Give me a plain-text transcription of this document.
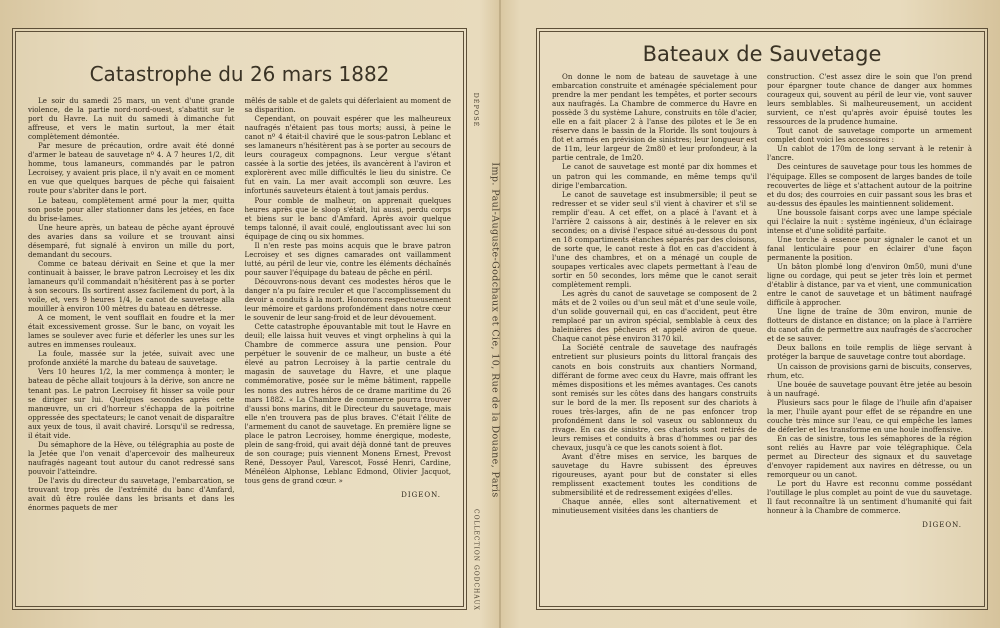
Catastrophe du 26 mars 1882

Le soir du samedi 25 mars, un vent d'une grande violence, de la partie nord-nord-ouest, s'abattit sur le port du Havre. La nuit du samedi à dimanche fut affreuse, et vers le matin surtout, la mer était complètement démontée.

Par mesure de précaution, ordre avait été donné d'armer le bateau de sauvetage nº 4. A 7 heures 1/2, dit homme, tous lamaneurs, commandés par le patron Lecroisey, y avaient pris place, il n'y avait en ce moment en vue que quelques barques de pêche qui faisaient route pour s'abriter dans le port.

Le bateau, complètement armé pour la mer, quitta son poste pour aller stationner dans les jetées, en face du brise-lames.

Une heure après, un bateau de pêche ayant éprouvé des avaries dans sa voilure et se trouvant ainsi désemparé, fut signalé à environ un mille du port, demandant du secours.

Comme ce bateau dérivait en Seine et que la mer continuait à baisser, le brave patron Lecroisey et les dix lamaneurs qu'il commandait n'hésitèrent pas à se porter à son secours. Ils sortirent assez facilement du port, à la voile, et, vers 9 heures 1/4, le canot de sauvetage alla mouiller à environ 100 mètres du bateau en détresse.

A ce moment, le vent soufflait en foudre et la mer était excessivement grosse. Sur le banc, on voyait les lames se soulever avec furie et déferler les unes sur les autres en immenses rouleaux.

La foule, massée sur la jetée, suivait avec une profonde anxiété la marche du bateau de sauvetage.

Vers 10 heures 1/2, la mer commença à monter; le bateau de pêche allait toujours à la dérive, son ancre ne tenant pas. Le patron Lecroisey fit hisser sa voile pour se diriger sur lui. Quelques secondes après cette manœuvre, un cri d'horreur s'échappa de la poitrine oppressée des spectateurs; le canot venait de disparaître aux yeux de tous, il avait chaviré. Lorsqu'il se redressa, il était vide.

Du sémaphore de la Hève, ou télégraphia au poste de la Jetée que l'on venait d'apercevoir des malheureux naufragés nageant tout autour du canot redressé sans pouvoir l'atteindre.

De l'avis du directeur du sauvetage, l'embarcation, se trouvant trop près de l'extrémité du banc d'Amfard, avait dû être roulée dans les brisants et dans les énormes paquets de mer

mêlés de sable et de galets qui déferlaient au moment de sa disparition.

Cependant, on pouvait espérer que les malheureux naufragés n'étaient pas tous morts; aussi, à peine le canot nº 4 était-il chaviré que le sous-patron Leblanc et ses lamaneurs n'hésitèrent pas à se porter au secours de leurs courageux compagnons. Leur vergue s'étant cassée à la sortie des jetées, ils avancèrent à l'aviron et explorèrent avec mille difficultés le lieu du sinistre. Ce fut en vain. La mer avait accompli son œuvre. Les infortunés sauveteurs étaient à tout jamais perdus.

Pour comble de malheur, on apprenait quelques heures après que le sloop s'était, lui aussi, perdu corps et biens sur le banc d'Amfard. Après avoir quelque temps talonné, il avait coulé, engloutissant avec lui son équipage de cinq ou six hommes.

Il n'en reste pas moins acquis que le brave patron Lecroisey et ses dignes camarades ont vaillamment lutté, au péril de leur vie, contre les éléments déchaînés pour sauver l'équipage du bateau de pêche en péril.

Découvrons-nous devant ces modestes héros que le danger n'a pu faire reculer et que l'accomplissement du devoir a conduits à la mort. Honorons respectueusement leur mémoire et gardons profondément dans notre cœur le souvenir de leur sang-froid et de leur dévouement.

Cette catastrophe épouvantable mit tout le Havre en deuil; elle laissa huit veuves et vingt orphelins à qui la Chambre de commerce assura une pension. Pour perpétuer le souvenir de ce malheur, un buste a été élevé au patron Lecroisey à la partie centrale du magasin de sauvetage du Havre, et une plaque commémorative, posée sur le même bâtiment, rappelle les noms des autres héros de ce drame maritime du 26 mars 1882. « La Chambre de commerce pourra trouver d'aussi bons marins, dit le Directeur du sauvetage, mais elle n'en trouvera pas de plus braves. C'était l'élite de l'armement du canot de sauvetage. En première ligne se place le patron Lecroisey, homme énergique, modeste, plein de sang-froid, qui avait déjà donné tant de preuves de son courage; puis viennent Monens Ernest, Prevost René, Dessoyer Paul, Varescot, Fossé Henri, Cardine, Ménéléon Alphonse, Leblanc Edmond, Olivier Jacquot, tous gens de grand cœur. »

DIGEON.
DÉPOSÉ
Imp. Paul-Auguste-Godchaux et Cie, 10, Rue de la Douane, Paris
COLLECTION GODCHAUX
Bateaux de Sauvetage

On donne le nom de bateau de sauvetage à une embarcation construite et aménagée spécialement pour prendre la mer pendant les tempêtes, et porter secours aux naufragés. La Chambre de commerce du Havre en possède 3 du système Lahure, construits en tôle d'acier, elle en a fait placer 2 à l'anse des pilotes et le 3e en réserve dans le bassin de la Floride. Ils sont toujours à flot et armés en prévision de sinistres; leur longueur est de 11m, leur largeur de 2m80 et leur profondeur, à la partie centrale, de 1m20.

Le canot de sauvetage est monté par dix hommes et un patron qui les commande, en même temps qu'il dirige l'embarcation.

Le canot de sauvetage est insubmersible; il peut se redresser et se vider seul s'il vient à chavirer et s'il se remplir d'eau. A cet effet, on a placé à l'avant et à l'arrière 2 caissons à air, destinés à le relever en six secondes; on a divisé l'espace situé au-dessous du pont en 18 compartiments étanches séparés par des cloisons, de sorte que, le canot reste à flot en cas d'accident à l'une des chambres, et on a ménagé un couple de soupapes verticales avec clapets permettant à l'eau de sortir en 50 secondes, lors même que le canot serait complètement rempli.

Les agrès du canot de sauvetage se composent de 2 mâts et de 2 voiles ou d'un seul mât et d'une seule voile, d'un solide gouvernail qui, en cas d'accident, peut être remplacé par un aviron spécial, semblable à ceux des baleinières des pêcheurs et appelé aviron de queue. Chaque canot pèse environ 3170 kil.

La Société centrale de sauvetage des naufragés entretient sur plusieurs points du littoral français des canots en bois construits aux chantiers Normand, différant de forme avec ceux du Havre, mais offrant les mêmes dispositions et les mêmes avantages. Ces canots sont remisés sur les côtes dans des hangars construits sur le bord de la mer. Ils reposent sur des chariots à roues très-larges, afin de ne pas enfoncer trop profondément dans le sol vaseux ou sablonneux du rivage. En cas de sinistre, ces chariots sont retirés de leurs remises et conduits à bras d'hommes ou par des chevaux, jusqu'à ce que les canots soient à flot.

Avant d'être mises en service, les barques de sauvetage du Havre subissent des épreuves rigoureuses, ayant pour but de constater si elles remplissent exactement toutes les conditions de submersibilité et de redressement exigées d'elles.

Chaque année, elles sont alternativement et minutieusement visitées dans les chantiers de

construction. C'est assez dire le soin que l'on prend pour épargner toute chance de danger aux hommes courageux qui, souvent au péril de leur vie, vont sauver leurs semblables. Si malheureusement, un accident survient, ce n'est qu'après avoir épuisé toutes les ressources de la prudence humaine.

Tout canot de sauvetage comporte un armement complet dont voici les accessoires :

Un cablot de 170m de long servant à le retenir à l'ancre.

Des ceintures de sauvetage pour tous les hommes de l'équipage. Elles se composent de larges bandes de toile recouvertes de liège et s'attachent autour de la poitrine et du dos; des courroies en cuir passant sous les bras et au-dessus des épaules les maintiennent solidement.

Une boussole faisant corps avec une lampe spéciale qui l'éclaire la nuit : système ingénieux, d'un éclairage intense et d'une solidité parfaite.

Une torche à essence pour signaler le canot et un fanal lenticulaire pour en éclairer d'une façon permanente la position.

Un bâton plombé long d'environ 0m50, muni d'une ligne ou cordage, qui peut se jeter très loin et permet d'établir à distance, par va et vient, une communication entre le canot de sauvetage et un bâtiment naufragé difficile à approcher.

Une ligne de traîne de 30m environ, munie de flotteurs de distance en distance; on la place à l'arrière du canot afin de permettre aux naufragés de s'accrocher et de se sauver.

Deux ballons en toile remplis de liège servant à protéger la barque de sauvetage contre tout abordage.

Un caisson de provisions garni de biscuits, conserves, rhum, etc.

Une bouée de sauvetage pouvant être jetée au besoin à un naufragé.

Plusieurs sacs pour le filage de l'huile afin d'apaiser la mer, l'huile ayant pour effet de se répandre en une couche très mince sur l'eau, ce qui empêche les lames de déferler et les transforme en une houle inoffensive.

En cas de sinistre, tous les sémaphores de la région sont reliés au Havre par voie télégraphique. Cela permet au Directeur des signaux et du sauvetage d'envoyer rapidement aux navires en détresse, ou un remorqueur ou un canot.

Le port du Havre est reconnu comme possédant l'outillage le plus complet au point de vue du sauvetage. Il faut reconnaître là un sentiment d'humanité qui fait honneur à la Chambre de commerce.

DIGEON.
